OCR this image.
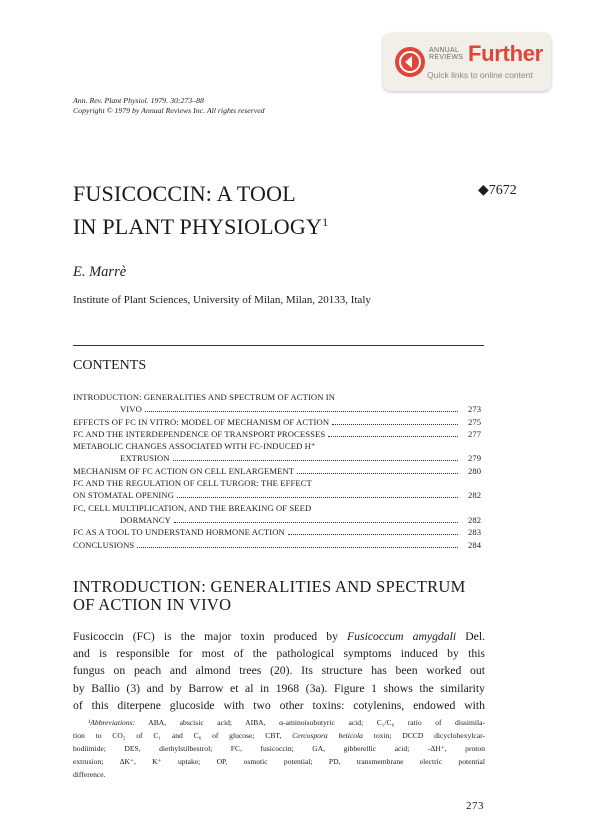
ANNUAL
REVIEWS Further
Quick links to online content
Ann. Rev. Plant Physiol. 1979. 30:273–88
Copyright © 1979 by Annual Reviews Inc. All rights reserved
FUSICOCCIN: A TOOL
IN PLANT PHYSIOLOGY$^1$
◆7672
E. Marrè
Institute of Plant Sciences, University of Milan, Milan, 20133, Italy
CONTENTS
INTRODUCTION: GENERALITIES AND SPECTRUM OF ACTION IN
VIVO	273
EFFECTS OF FC IN VITRO: MODEL OF MECHANISM OF ACTION	275
FC AND THE INTERDEPENDENCE OF TRANSPORT PROCESSES	277
METABOLIC CHANGES ASSOCIATED WITH FC-INDUCED H⁺
EXTRUSION	279
MECHANISM OF FC ACTION ON CELL ENLARGEMENT	280
FC AND THE REGULATION OF CELL TURGOR: THE EFFECT
ON STOMATAL OPENING	282
FC, CELL MULTIPLICATION, AND THE BREAKING OF SEED
DORMANCY	282
FC AS A TOOL TO UNDERSTAND HORMONE ACTION	283
CONCLUSIONS	284
INTRODUCTION: GENERALITIES AND SPECTRUM
OF ACTION IN VIVO
Fusicoccin (FC) is the major toxin produced by Fusicoccum amygdali Del.
and is responsible for most of the pathological symptoms induced by this
fungus on peach and almond trees (20). Its structure has been worked out
by Ballio (3) and by Barrow et al in 1968 (3a). Figure 1 shows the similarity
of this diterpene glucoside with two other toxins: cotylenins, endowed with
¹Abbreviations: ABA, abscisic acid; AIBA, α-aminoisobutyric acid; C₁/C₆ ratio of dissimila-
tion to CO₂ of C₁ and C₆ of glucose; CBT, Cercospora beticola toxin; DCCD dicyclohexylcar-
bodiimide; DES, diethylstilbestrol; FC, fusicoccin; GA, gibberellic acid; -ΔH⁺, proton
extrusion; ΔK⁺, K⁺ uptake; OP, osmotic potential; PD, transmembrane electric potential
difference.
273
